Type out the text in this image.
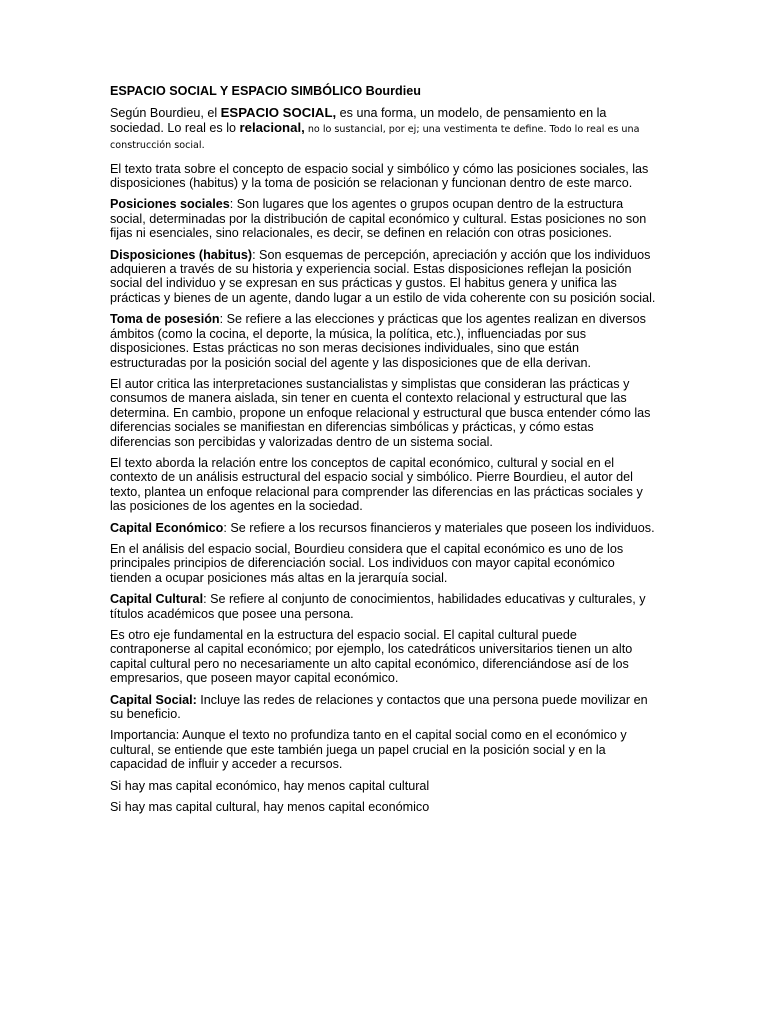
ESPACIO SOCIAL Y ESPACIO SIMBÓLICO Bourdieu

Según Bourdieu, el ESPACIO SOCIAL, es una forma, un modelo, de pensamiento en la sociedad. Lo real es lo relacional, no lo sustancial, por ej; una vestimenta te define. Todo lo real es una construcción social.

El texto trata sobre el concepto de espacio social y simbólico y cómo las posiciones sociales, las disposiciones (habitus) y la toma de posición se relacionan y funcionan dentro de este marco.

Posiciones sociales: Son lugares que los agentes o grupos ocupan dentro de la estructura social, determinadas por la distribución de capital económico y cultural. Estas posiciones no son fijas ni esenciales, sino relacionales, es decir, se definen en relación con otras posiciones.

Disposiciones (habitus): Son esquemas de percepción, apreciación y acción que los individuos adquieren a través de su historia y experiencia social. Estas disposiciones reflejan la posición social del individuo y se expresan en sus prácticas y gustos. El habitus genera y unifica las prácticas y bienes de un agente, dando lugar a un estilo de vida coherente con su posición social.

Toma de posesión: Se refiere a las elecciones y prácticas que los agentes realizan en diversos ámbitos (como la cocina, el deporte, la música, la política, etc.), influenciadas por sus disposiciones. Estas prácticas no son meras decisiones individuales, sino que están estructuradas por la posición social del agente y las disposiciones que de ella derivan.

El autor critica las interpretaciones sustancialistas y simplistas que consideran las prácticas y consumos de manera aislada, sin tener en cuenta el contexto relacional y estructural que las determina. En cambio, propone un enfoque relacional y estructural que busca entender cómo las diferencias sociales se manifiestan en diferencias simbólicas y prácticas, y cómo estas diferencias son percibidas y valorizadas dentro de un sistema social.

El texto aborda la relación entre los conceptos de capital económico, cultural y social en el contexto de un análisis estructural del espacio social y simbólico. Pierre Bourdieu, el autor del texto, plantea un enfoque relacional para comprender las diferencias en las prácticas sociales y las posiciones de los agentes en la sociedad.

Capital Económico: Se refiere a los recursos financieros y materiales que poseen los individuos.

En el análisis del espacio social, Bourdieu considera que el capital económico es uno de los principales principios de diferenciación social. Los individuos con mayor capital económico tienden a ocupar posiciones más altas en la jerarquía social.

Capital Cultural: Se refiere al conjunto de conocimientos, habilidades educativas y culturales, y títulos académicos que posee una persona.

Es otro eje fundamental en la estructura del espacio social. El capital cultural puede contraponerse al capital económico; por ejemplo, los catedráticos universitarios tienen un alto capital cultural pero no necesariamente un alto capital económico, diferenciándose así de los empresarios, que poseen mayor capital económico.

Capital Social: Incluye las redes de relaciones y contactos que una persona puede movilizar en su beneficio.

Importancia: Aunque el texto no profundiza tanto en el capital social como en el económico y cultural, se entiende que este también juega un papel crucial en la posición social y en la capacidad de influir y acceder a recursos.

Si hay mas capital económico, hay menos capital cultural

Si hay mas capital cultural, hay menos capital económico
